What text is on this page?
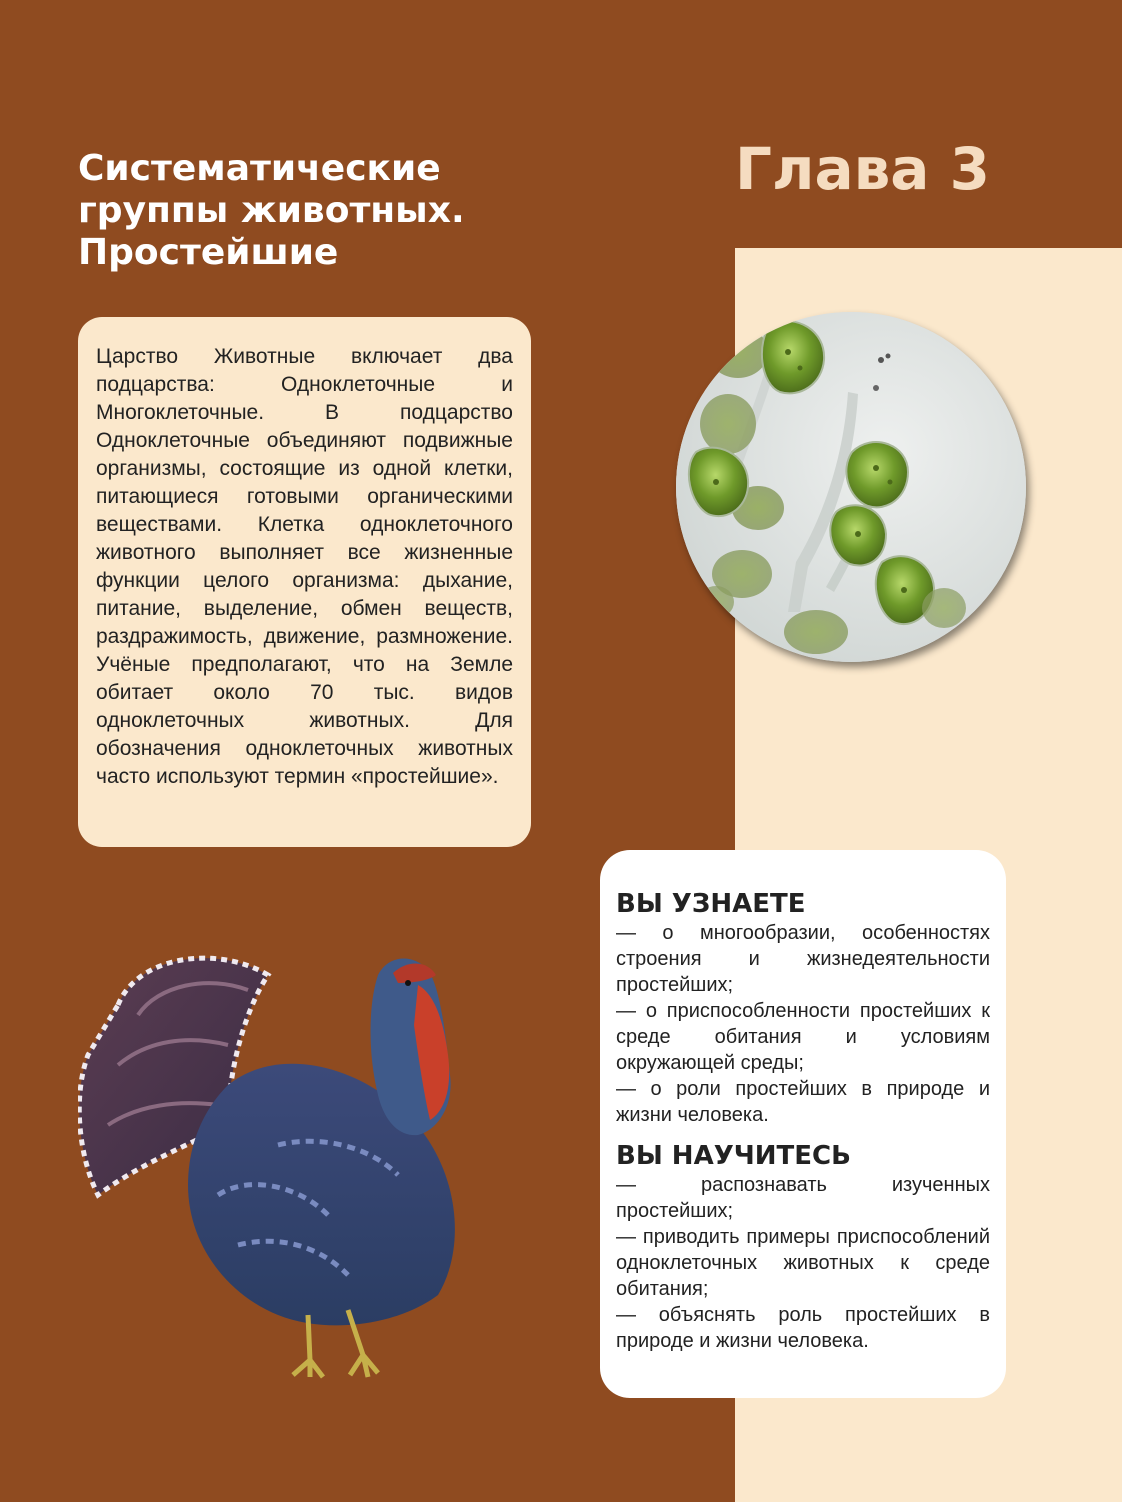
Систематические
группы животных.
Простейшие
Глава 3

Царство Животные включает два подцарства: Одноклеточные и Многоклеточные. В подцарство Одноклеточные объединяют подвижные организмы, состоящие из одной клетки, питающиеся готовыми органическими веществами. Клетка одноклеточного животного выполняет все жизненные функции целого организма: дыхание, питание, выделение, обмен веществ, раздражимость, движение, размножение. Учёные предполагают, что на Земле обитает около 70 тыс. видов одноклеточных животных. Для обозначения одноклеточных животных часто используют термин «простейшие».

ВЫ УЗНАЕТЕ
— о многообразии, особенностях строения и жизнедеятельности простейших;
— о приспособленности простейших к среде обитания и условиям окружающей среды;
— о роли простейших в природе и жизни человека.
ВЫ НАУЧИТЕСЬ
— распознавать изученных простейших;
— приводить примеры приспособлений одноклеточных животных к среде обитания;
— объяснять роль простейших в природе и жизни человека.
